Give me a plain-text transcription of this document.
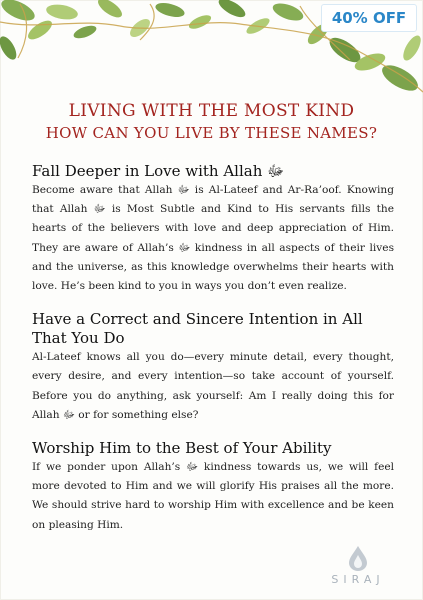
40% OFF
LIVING WITH THE MOST KIND
HOW CAN YOU LIVE BY THESE NAMES?
Fall Deeper in Love with Allah ﷻ

Become aware that Allah ﷻ is Al-Lateef and Ar-Ra’oof. Knowing that Allah ﷻ is Most Subtle and Kind to His servants fills the hearts of the believers with love and deep appreciation of Him. They are aware of Allah’s ﷻ kindness in all aspects of their lives and the universe, as this knowledge overwhelms their hearts with love. He’s been kind to you in ways you don’t even realize.

Have a Correct and Sincere Intention in All That You Do

Al-Lateef knows all you do—every minute detail, every thought, every desire, and every intention—so take account of yourself. Before you do anything, ask yourself: Am I really doing this for Allah ﷻ or for something else?

Worship Him to the Best of Your Ability

If we ponder upon Allah’s ﷻ kindness towards us, we will feel more devoted to Him and we will glorify His praises all the more. We should strive hard to worship Him with excellence and be keen on pleasing Him.

SIRAJ
